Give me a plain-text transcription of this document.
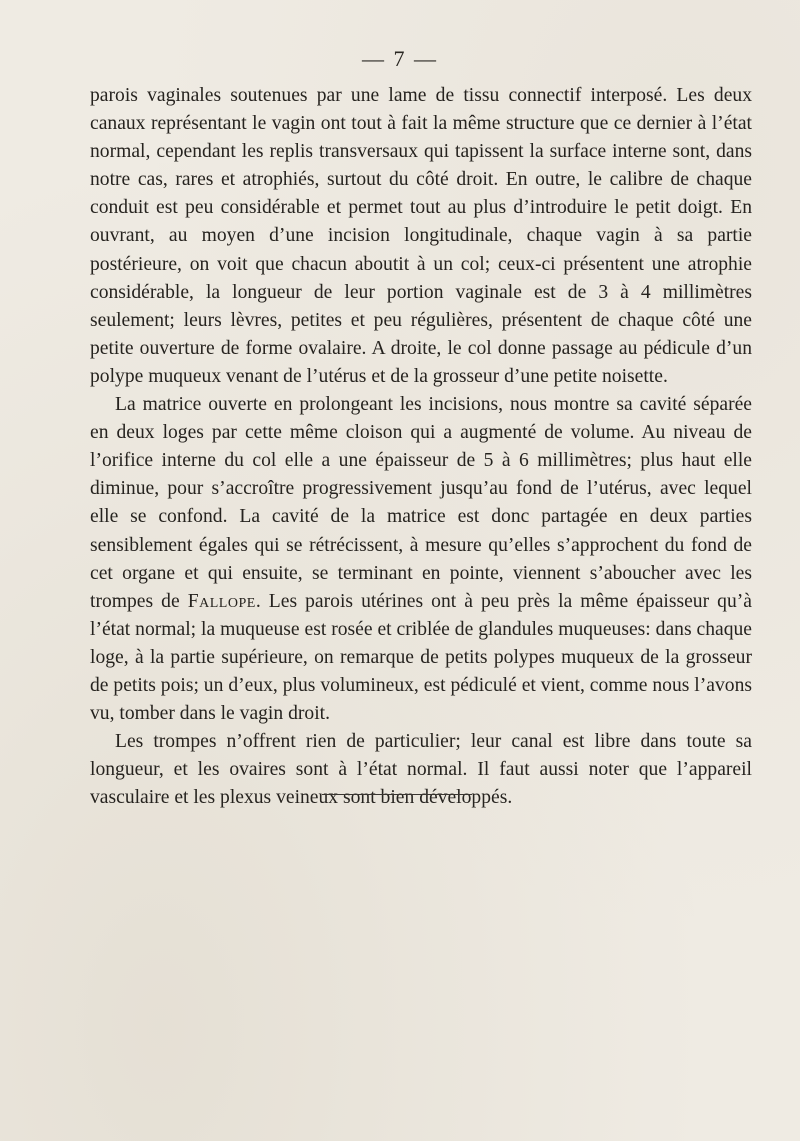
— 7 —

parois vaginales soutenues par une lame de tissu connectif interposé. Les deux canaux représentant le vagin ont tout à fait la même structure que ce dernier à l’état normal, cependant les replis transversaux qui tapissent la surface interne sont, dans notre cas, rares et atrophiés, surtout du côté droit. En outre, le calibre de chaque conduit est peu considérable et permet tout au plus d’introduire le petit doigt. En ouvrant, au moyen d’une incision longitudinale, chaque vagin à sa partie postérieure, on voit que chacun aboutit à un col; ceux-ci présentent une atrophie considérable, la longueur de leur portion vaginale est de 3 à 4 millimètres seulement; leurs lèvres, petites et peu régulières, présentent de chaque côté une petite ouverture de forme ovalaire. A droite, le col donne passage au pédicule d’un polype muqueux venant de l’utérus et de la grosseur d’une petite noisette.

La matrice ouverte en prolongeant les incisions, nous montre sa cavité séparée en deux loges par cette même cloison qui a augmenté de volume. Au niveau de l’orifice interne du col elle a une épaisseur de 5 à 6 millimètres; plus haut elle diminue, pour s’accroître progressivement jusqu’au fond de l’utérus, avec lequel elle se confond. La cavité de la matrice est donc partagée en deux parties sensiblement égales qui se rétrécissent, à mesure qu’elles s’approchent du fond de cet organe et qui ensuite, se terminant en pointe, viennent s’aboucher avec les trompes de Fallope. Les parois utérines ont à peu près la même épaisseur qu’à l’état normal; la muqueuse est rosée et criblée de glandules muqueuses: dans chaque loge, à la partie supérieure, on remarque de petits polypes muqueux de la grosseur de petits pois; un d’eux, plus volumineux, est pédiculé et vient, comme nous l’avons vu, tomber dans le vagin droit.

Les trompes n’offrent rien de particulier; leur canal est libre dans toute sa longueur, et les ovaires sont à l’état normal. Il faut aussi noter que l’appareil vasculaire et les plexus veineux sont bien développés.
